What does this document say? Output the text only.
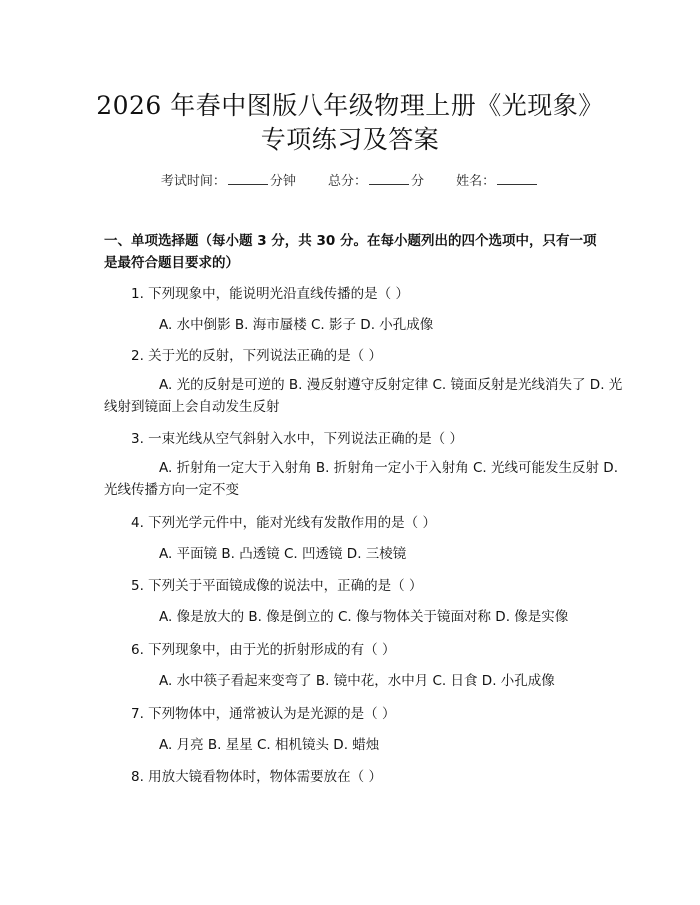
2026 年春中图版八年级物理上册《光现象》
专项练习及答案
考试时间：	分钟 总分：	分 姓名：
一、单项选择题（每小题 3 分，共 30 分。在每小题列出的四个选项中，只有一项是最符合题目要求的）
1. 下列现象中，能说明光沿直线传播的是（ ）
A. 水中倒影 B. 海市蜃楼 C. 影子 D. 小孔成像
2. 关于光的反射，下列说法正确的是（ ）
A. 光的反射是可逆的 B. 漫反射遵守反射定律 C. 镜面反射是光线消失了 D. 光线射到镜面上会自动发生反射
3. 一束光线从空气斜射入水中，下列说法正确的是（ ）
A. 折射角一定大于入射角 B. 折射角一定小于入射角 C. 光线可能发生反射 D. 光线传播方向一定不变
4. 下列光学元件中，能对光线有发散作用的是（ ）
A. 平面镜 B. 凸透镜 C. 凹透镜 D. 三棱镜
5. 下列关于平面镜成像的说法中，正确的是（ ）
A. 像是放大的 B. 像是倒立的 C. 像与物体关于镜面对称 D. 像是实像
6. 下列现象中，由于光的折射形成的有（ ）
A. 水中筷子看起来变弯了 B. 镜中花，水中月 C. 日食 D. 小孔成像
7. 下列物体中，通常被认为是光源的是（ ）
A. 月亮 B. 星星 C. 相机镜头 D. 蜡烛
8. 用放大镜看物体时，物体需要放在（ ）
